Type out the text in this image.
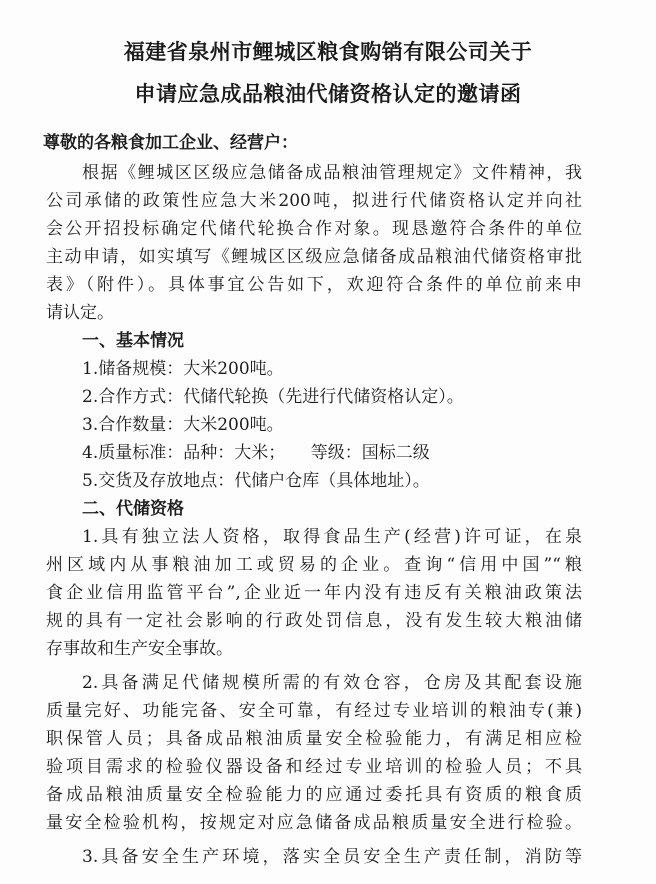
福建省泉州市鲤城区粮食购销有限公司关于
申请应急成品粮油代储资格认定的邀请函
尊敬的各粮食加工企业、经营户：
根据《鲤城区区级应急储备成品粮油管理规定》文件精神，我
公司承储的政策性应急大米200吨，拟进行代储资格认定并向社
会公开招投标确定代储代轮换合作对象。现恳邀符合条件的单位
主动申请，如实填写《鲤城区区级应急储备成品粮油代储资格审批
表》（附件）。具体事宜公告如下，欢迎符合条件的单位前来申
请认定。
一、基本情况
1.储备规模：大米200吨。
2.合作方式：代储代轮换（先进行代储资格认定）。
3.合作数量：大米200吨。
4.质量标准：品种：大米；　　等级：国标二级
5.交货及存放地点：代储户仓库（具体地址）。
二、代储资格
1.具有独立法人资格，取得食品生产(经营)许可证，在泉
州区域内从事粮油加工或贸易的企业。查询“信用中国”“粮
食企业信用监管平台”,企业近一年内没有违反有关粮油政策法
规的具有一定社会影响的行政处罚信息，没有发生较大粮油储
存事故和生产安全事故。
2.具备满足代储规模所需的有效仓容，仓房及其配套设施
质量完好、功能完备、安全可靠，有经过专业培训的粮油专(兼)
职保管人员；具备成品粮油质量安全检验能力，有满足相应检
验项目需求的检验仪器设备和经过专业培训的检验人员；不具
备成品粮油质量安全检验能力的应通过委托具有资质的粮食质
量安全检验机构，按规定对应急储备成品粮质量安全进行检验。
3.具备安全生产环境，落实全员安全生产责任制，消防等
